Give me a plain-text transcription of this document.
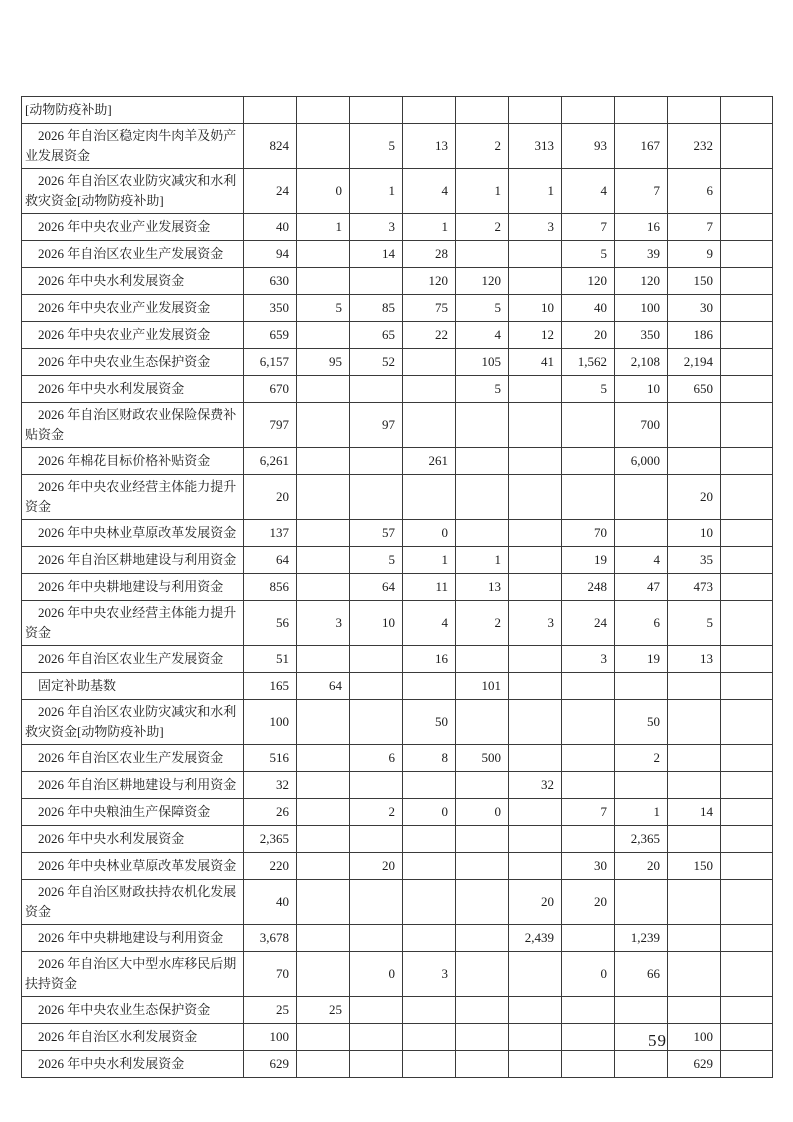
[动物防疫补助]										
2026 年自治区稳定肉牛肉羊及奶产业发展资金	824		5	13	2	313	93	167	232	
2026 年自治区农业防灾减灾和水利救灾资金[动物防疫补助]	24	0	1	4	1	1	4	7	6	
2026 年中央农业产业发展资金	40	1	3	1	2	3	7	16	7	
2026 年自治区农业生产发展资金	94		14	28			5	39	9	
2026 年中央水利发展资金	630			120	120		120	120	150	
2026 年中央农业产业发展资金	350	5	85	75	5	10	40	100	30	
2026 年中央农业产业发展资金	659		65	22	4	12	20	350	186	
2026 年中央农业生态保护资金	6,157	95	52		105	41	1,562	2,108	2,194	
2026 年中央水利发展资金	670				5		5	10	650	
2026 年自治区财政农业保险保费补贴资金	797		97					700		
2026 年棉花目标价格补贴资金	6,261			261				6,000		
2026 年中央农业经营主体能力提升资金	20								20	
2026 年中央林业草原改革发展资金	137		57	0			70		10	
2026 年自治区耕地建设与利用资金	64		5	1	1		19	4	35	
2026 年中央耕地建设与利用资金	856		64	11	13		248	47	473	
2026 年中央农业经营主体能力提升资金	56	3	10	4	2	3	24	6	5	
2026 年自治区农业生产发展资金	51			16			3	19	13	
固定补助基数	165	64			101					
2026 年自治区农业防灾减灾和水利救灾资金[动物防疫补助]	100			50				50		
2026 年自治区农业生产发展资金	516		6	8	500			2		
2026 年自治区耕地建设与利用资金	32					32				
2026 年中央粮油生产保障资金	26		2	0	0		7	1	14	
2026 年中央水利发展资金	2,365							2,365		
2026 年中央林业草原改革发展资金	220		20				30	20	150	
2026 年自治区财政扶持农机化发展资金	40					20	20			
2026 年中央耕地建设与利用资金	3,678					2,439		1,239		
2026 年自治区大中型水库移民后期扶持资金	70		0	3			0	66		
2026 年中央农业生态保护资金	25	25								
2026 年自治区水利发展资金	100								100	
2026 年中央水利发展资金	629								629	
59
